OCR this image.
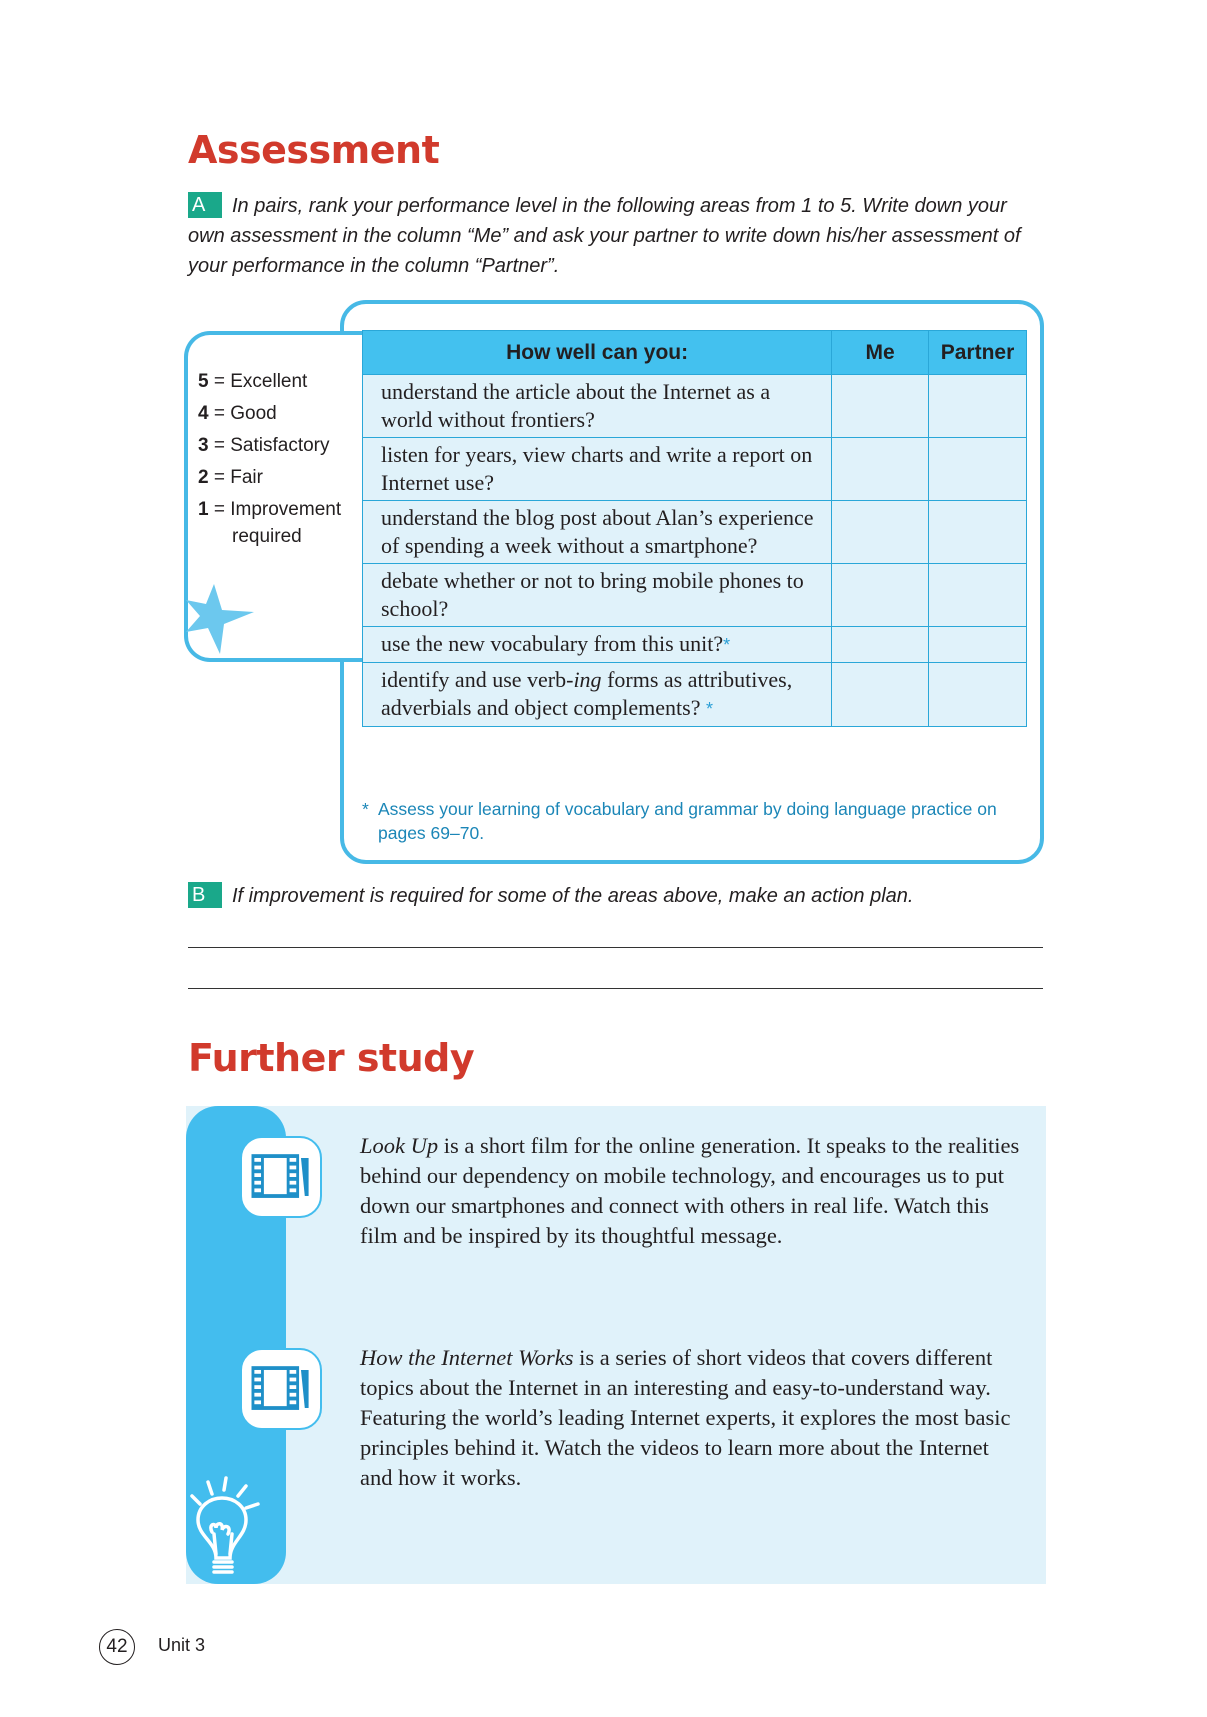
Assessment

A In pairs, rank your performance level in the following areas from 1 to 5. Write down your own assessment in the column “Me” and ask your partner to write down his/her assessment of your performance in the column “Partner”.

5 = Excellent
4 = Good
3 = Satisfactory
2 = Fair
1 = Improvement
required
How well can you:	Me	Partner
understand the article about the Internet as a world without frontiers?		
listen for years, view charts and write a report on Internet use?		
understand the blog post about Alan’s experience of spending a week without a smartphone?		
debate whether or not to bring mobile phones to school?		
use the new vocabulary from this unit?*		
identify and use verb-ing forms as attributives, adverbials and object complements? *		
* Assess your learning of vocabulary and grammar by doing language practice on
pages 69–70.

B If improvement is required for some of the areas above, make an action plan.

Further study

Look Up is a short film for the online generation. It speaks to the realities behind our dependency on mobile technology, and encourages us to put down our smartphones and connect with others in real life. Watch this film and be inspired by its thoughtful message.

How the Internet Works is a series of short videos that covers different topics about the Internet in an interesting and easy-to-understand way. Featuring the world’s leading Internet experts, it explores the most basic principles behind it. Watch the videos to learn more about the Internet and how it works.

42	Unit 3
